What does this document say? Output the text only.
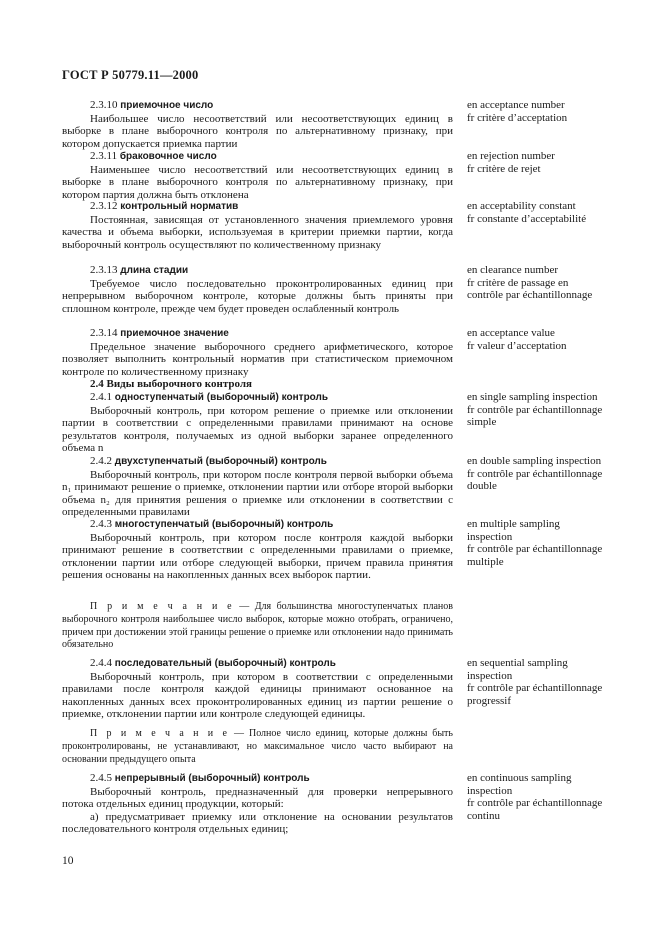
ГОСТ Р 50779.11—2000
2.3.10 приемочное число
Наибольшее число несоответствий или несоответствующих единиц в выборке в плане выборочного контроля по альтернативному признаку, при котором допускается приемка партии
en acceptance number
fr critère d’acceptation
2.3.11 браковочное число
Наименьшее число несоответствий или несоответствующих единиц в выборке в плане выборочного контроля по альтернативному признаку, при котором партия должна быть отклонена
en rejection number
fr critère de rejet
2.3.12 контрольный норматив
Постоянная, зависящая от установленного значения приемлемого уровня качества и объема выборки, используемая в критерии приемки партии, когда выборочный контроль осуществляют по количественному признаку
en acceptability constant
fr constante d’acceptabilité
2.3.13 длина стадии
Требуемое число последовательно проконтролированных единиц при непрерывном выборочном контроле, которые должны быть приняты при сплошном контроле, прежде чем будет проведен ослабленный контроль
en clearance number
fr critère de passage en contrôle par échantillonnage
2.3.14 приемочное значение
Предельное значение выборочного среднего арифметического, которое позволяет выполнить контрольный норматив при статистическом приемочном контроле по количественному признаку
en acceptance value
fr valeur d’acceptation
2.4 Виды выборочного контроля
2.4.1 одноступенчатый (выборочный) контроль
Выборочный контроль, при котором решение о приемке или отклонении партии в соответствии с определенными правилами принимают на основе результатов контроля, получаемых из одной выборки заранее определенного объема n
en single sampling inspection
fr contrôle par échantillonnage simple
2.4.2 двухступенчатый (выборочный) контроль
Выборочный контроль, при котором после контроля первой выборки объема n₁ принимают решение о приемке, отклонении партии или отборе второй выборки объема n₂ для принятия решения о приемке или отклонении в соответствии с определенными правилами
en double sampling inspection
fr contrôle par échantillonnage double
2.4.3 многоступенчатый (выборочный) контроль
Выборочный контроль, при котором после контроля каждой выборки принимают решение в соответствии с определенными правилами о приемке, отклонении партии или отборе следующей выборки, причем правила принятия решения основаны на накопленных данных всех выборок партии.
en multiple sampling inspection
fr contrôle par échantillonnage multiple
П р и м е ч а н и е — Для большинства многоступенчатых планов выборочного контроля наибольшее число выборок, которые можно отобрать, ограничено, причем при достижении этой границы решение о приемке или отклонении надо принимать обязательно
2.4.4 последовательный (выборочный) контроль
Выборочный контроль, при котором в соответствии с определенными правилами после контроля каждой единицы принимают основанное на накопленных данных всех проконтролированных единиц из партии решение о приемке, отклонении партии или контроле следующей единицы.
en sequential sampling inspection
fr contrôle par échantillonnage progressif
П р и м е ч а н и е — Полное число единиц, которые должны быть проконтролированы, не устанавливают, но максимальное число часто выбирают на основании предыдущего опыта
2.4.5 непрерывный (выборочный) контроль
Выборочный контроль, предназначенный для проверки непрерывного потока отдельных единиц продукции, который:
а) предусматривает приемку или отклонение на основании результатов последовательного контроля отдельных единиц;
en continuous sampling inspection
fr contrôle par échantillonnage continu
10
